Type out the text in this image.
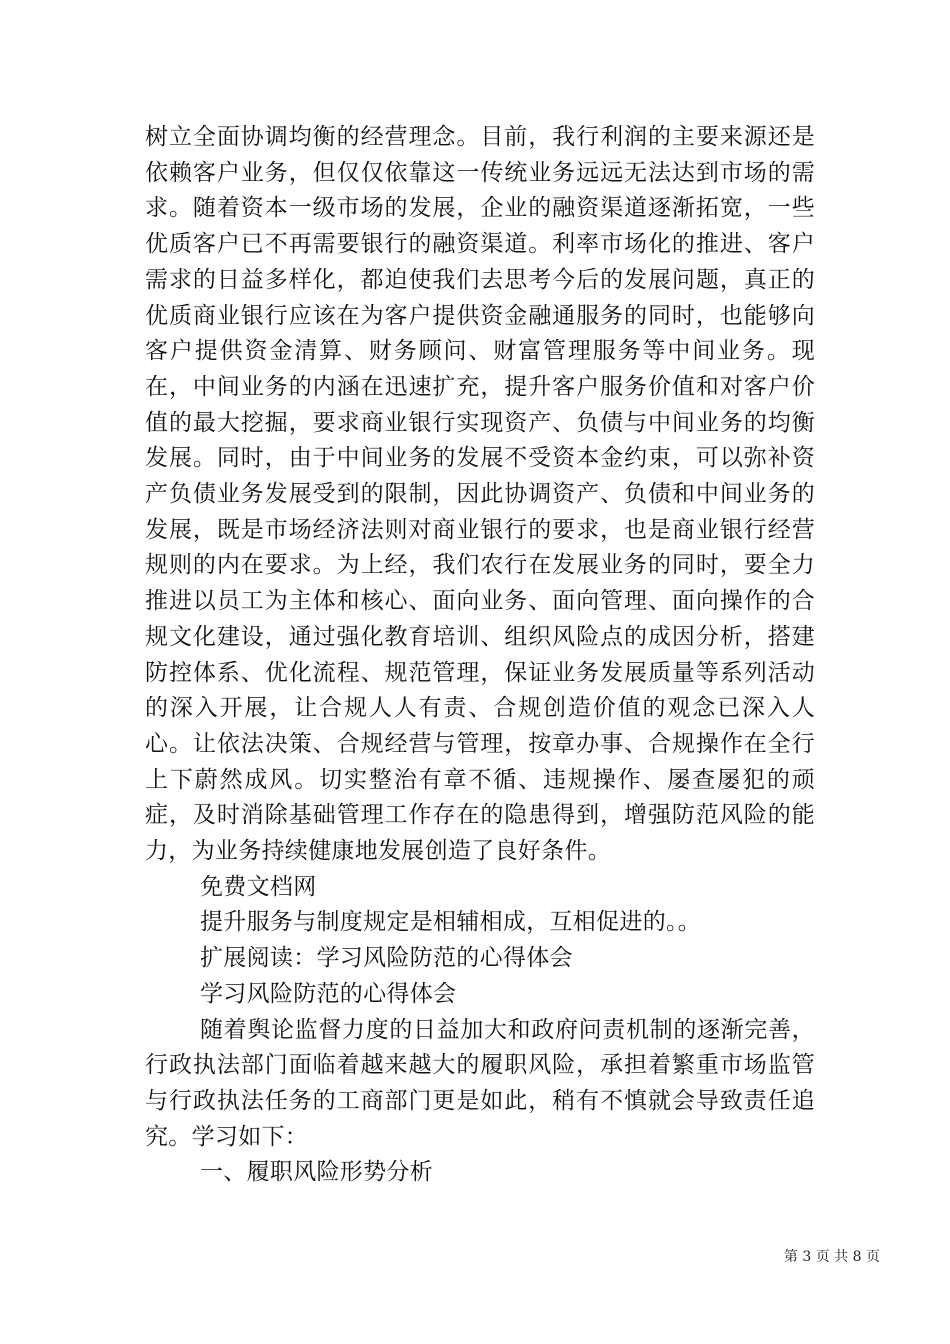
树立全面协调均衡的经营理念。目前，我行利润的主要来源还是依赖客户业务，但仅仅依靠这一传统业务远远无法达到市场的需求。随着资本一级市场的发展，企业的融资渠道逐渐拓宽，一些优质客户已不再需要银行的融资渠道。利率市场化的推进、客户需求的日益多样化，都迫使我们去思考今后的发展问题，真正的优质商业银行应该在为客户提供资金融通服务的同时，也能够向客户提供资金清算、财务顾问、财富管理服务等中间业务。现在，中间业务的内涵在迅速扩充，提升客户服务价值和对客户价值的最大挖掘，要求商业银行实现资产、负债与中间业务的均衡发展。同时，由于中间业务的发展不受资本金约束，可以弥补资产负债业务发展受到的限制，因此协调资产、负债和中间业务的发展，既是市场经济法则对商业银行的要求，也是商业银行经营规则的内在要求。为上经，我们农行在发展业务的同时，要全力推进以员工为主体和核心、面向业务、面向管理、面向操作的合规文化建设，通过强化教育培训、组织风险点的成因分析，搭建防控体系、优化流程、规范管理，保证业务发展质量等系列活动的深入开展，让合规人人有责、合规创造价值的观念已深入人心。让依法决策、合规经营与管理，按章办事、合规操作在全行上下蔚然成风。切实整治有章不循、违规操作、屡查屡犯的顽症，及时消除基础管理工作存在的隐患得到，增强防范风险的能力，为业务持续健康地发展创造了良好条件。

免费文档网

提升服务与制度规定是相辅相成，互相促进的。。

扩展阅读：学习风险防范的心得体会

学习风险防范的心得体会

随着舆论监督力度的日益加大和政府问责机制的逐渐完善，行政执法部门面临着越来越大的履职风险，承担着繁重市场监管与行政执法任务的工商部门更是如此，稍有不慎就会导致责任追究。学习如下：

一、履职风险形势分析

第 3 页 共 8 页
